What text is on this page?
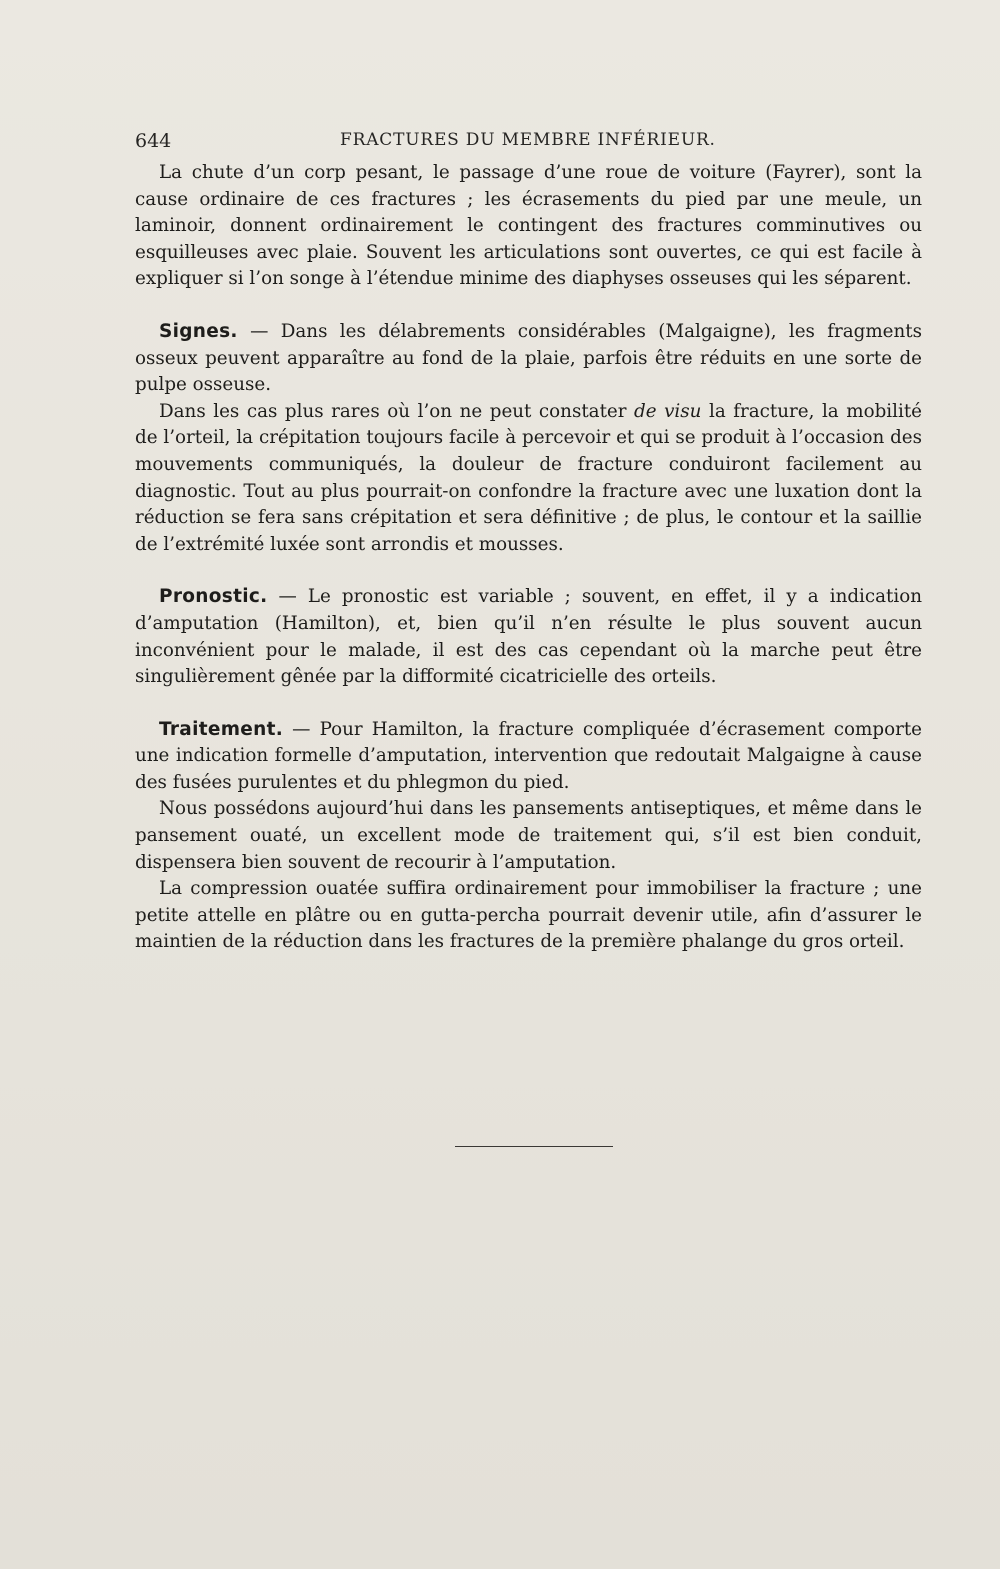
644	FRACTURES DU MEMBRE INFÉRIEUR.

La chute d’un corp pesant, le passage d’une roue de voiture (Fayrer), sont la cause ordinaire de ces fractures ; les écrasements du pied par une meule, un laminoir, donnent ordinairement le contingent des fractures comminutives ou esquilleuses avec plaie. Souvent les articulations sont ouvertes, ce qui est facile à expliquer si l’on songe à l’étendue minime des diaphyses osseuses qui les séparent.

Signes. — Dans les délabrements considérables (Malgaigne), les fragments osseux peuvent apparaître au fond de la plaie, parfois être réduits en une sorte de pulpe osseuse.

Dans les cas plus rares où l’on ne peut constater de visu la fracture, la mobilité de l’orteil, la crépitation toujours facile à percevoir et qui se produit à l’occasion des mouvements communiqués, la douleur de fracture conduiront facilement au diagnostic. Tout au plus pourrait-on confondre la fracture avec une luxation dont la réduction se fera sans crépitation et sera définitive ; de plus, le contour et la saillie de l’extrémité luxée sont arrondis et mousses.

Pronostic. — Le pronostic est variable ; souvent, en effet, il y a indication d’amputation (Hamilton), et, bien qu’il n’en résulte le plus souvent aucun inconvénient pour le malade, il est des cas cependant où la marche peut être singulièrement gênée par la difformité cicatricielle des orteils.

Traitement. — Pour Hamilton, la fracture compliquée d’écrasement comporte une indication formelle d’amputation, intervention que redoutait Malgaigne à cause des fusées purulentes et du phlegmon du pied.

Nous possédons aujourd’hui dans les pansements antiseptiques, et même dans le pansement ouaté, un excellent mode de traitement qui, s’il est bien conduit, dispensera bien souvent de recourir à l’amputation.

La compression ouatée suffira ordinairement pour immobiliser la fracture ; une petite attelle en plâtre ou en gutta-percha pourrait devenir utile, afin d’assurer le maintien de la réduction dans les fractures de la première phalange du gros orteil.
